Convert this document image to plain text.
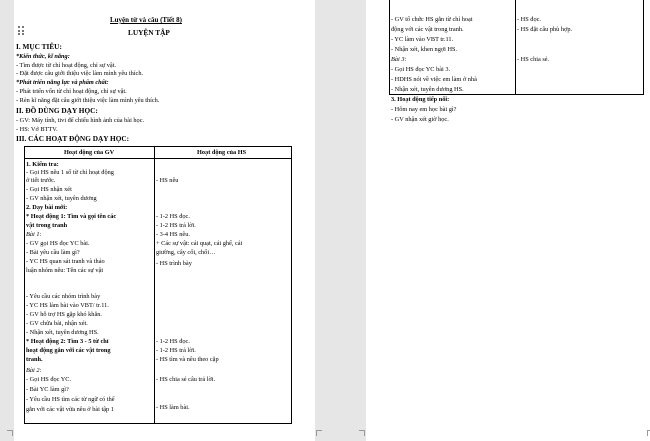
Luyện từ và câu (Tiết 8)
LUYỆN TẬP
I. MỤC TIÊU:
*Kiến thức, kĩ năng:
- Tìm được từ chỉ hoạt động, chỉ sự vật.
- Đặt được câu giới thiệu việc làm mình yêu thích.
*Phát triển năng lực và phẩm chất:
- Phát triển vốn từ chỉ hoạt động, chỉ sự vật.
- Rèn kĩ năng đặt câu giới thiệu việc làm mình yêu thích.
II. ĐỒ DÙNG DẠY HỌC:
- GV: Máy tính, tivi để chiếu hình ảnh của bài học.
- HS: Vở BTTV.
III. CÁC HOẠT ĐỘNG DẠY HỌC:
Hoạt động của GV	Hoạt động của HS
1. Kiểm tra:
- Gọi HS nêu 1 số từ chỉ hoạt động
ở tiết trước.
- Gọi HS nhận xét
- GV nhận xét, tuyên dương
2. Dạy bài mới:
* Hoạt động 1: Tìm và gọi tên các
vật trong tranh
Bài 1:
- GV gọi HS đọc YC bài.
- Bài yêu cầu làm gì?
- YC HS quan sát tranh và thảo
luận nhóm nêu: Tên các sự vật
- Yêu cầu các nhóm trình bày
- YC HS làm bài vào VBT/ tr.11.
- GV hỗ trợ HS gặp khó khăn.
- GV chữa bài, nhận xét.
- Nhận xét, tuyên dương HS.
* Hoạt động 2: Tìm 3 - 5 từ chỉ
hoạt động gắn với các vật trong
tranh.
Bài 2:
- Gọi HS đọc YC.
- Bài YC làm gì?
- Yêu cầu HS tìm các từ ngữ có thể
gắn với các vật vừa nêu ở bài tập 1
- HS nêu
- 1-2 HS đọc.
- 1-2 HS trả lời.
- 3-4 HS nêu.
+ Các sự vật: cái quạt, cái ghế, cái
giường, cây cối, chổi…
- HS trình bày
- 1-2 HS đọc.
- 1-2 HS trả lời.
- HS tìm và nêu theo cặp
- HS chia sẻ câu trả lời.
- HS làm bài.
- GV tổ chức HS gắn từ chỉ hoạt
động với các vật trong tranh.
- YC làm vào VBT tr.11.
- Nhận xét, khen ngợi HS.
Bài 3:
- Gọi HS đọc YC bài 3.
- HDHS nói về việc em làm ở nhà
- Nhận xét, tuyên dương HS.
3. Hoạt động tiếp nối:
- Hôm nay em học bài gì?
- GV nhận xét giờ học.
- HS đọc.
- HS đặt câu phù hợp.
- HS chia sẻ.
